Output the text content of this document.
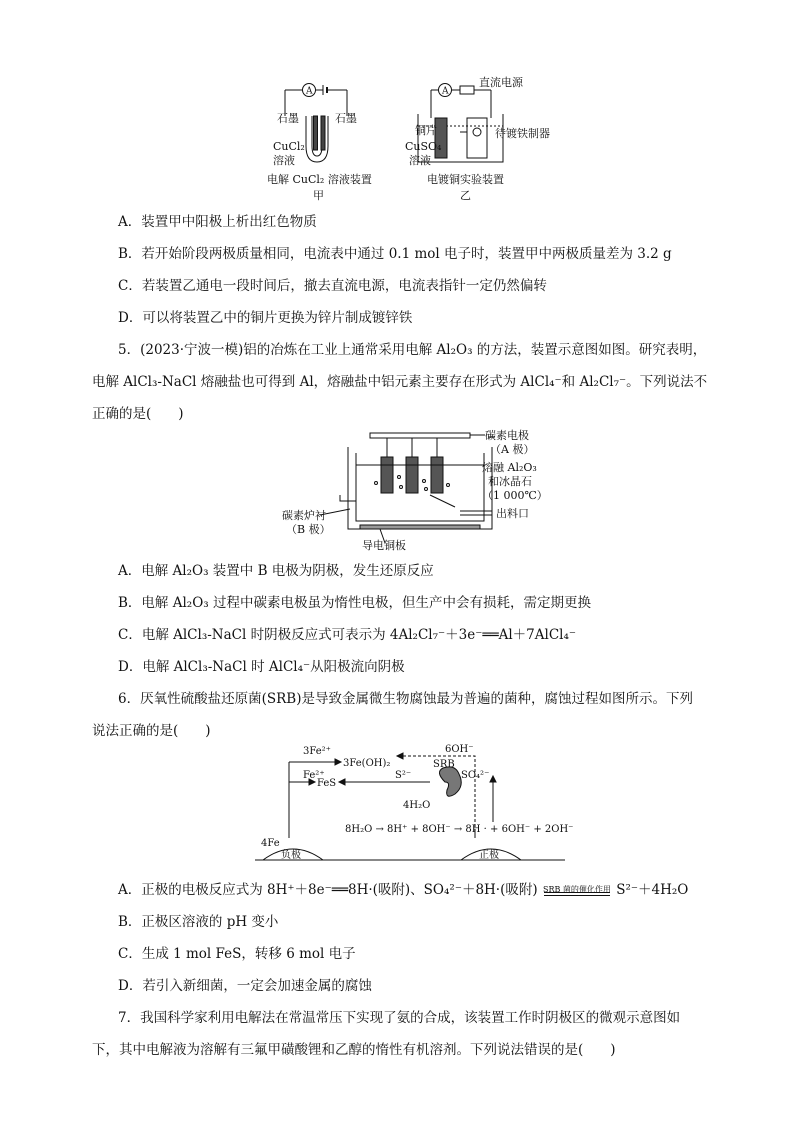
石墨	石墨
CuCl₂
溶液
A
电解 CuCl₂ 溶液装置
甲
A
直流电源
铜片	待镀铁制器
CuSO₄
溶液
电镀铜实验装置
乙
A．装置甲中阳极上析出红色物质
B．若开始阶段两极质量相同，电流表中通过 0.1 mol 电子时，装置甲中两极质量差为 3.2 g
C．若装置乙通电一段时间后，撤去直流电源，电流表指针一定仍然偏转
D．可以将装置乙中的铜片更换为锌片制成镀锌铁
5．(2023·宁波一模)铝的冶炼在工业上通常采用电解 Al₂O₃ 的方法，装置示意图如图。研究表明，
电解 AlCl₃-NaCl 熔融盐也可得到 Al，熔融盐中铝元素主要存在形式为 AlCl₄⁻和 Al₂Cl₇⁻。下列说法不
正确的是(　　)
碳素电极
（A 极）
熔融 Al₂O₃
和冰晶石
（1 000℃）
出料口
碳素炉衬
（B 极）
导电铜板
A．电解 Al₂O₃ 装置中 B 电极为阴极，发生还原反应
B．电解 Al₂O₃ 过程中碳素电极虽为惰性电极，但生产中会有损耗，需定期更换
C．电解 AlCl₃-NaCl 时阴极反应式可表示为 4Al₂Cl₇⁻＋3e⁻══Al＋7AlCl₄⁻
D．电解 AlCl₃-NaCl 时 AlCl₄⁻从阳极流向阴极
6．厌氧性硫酸盐还原菌(SRB)是导致金属微生物腐蚀最为普遍的菌种，腐蚀过程如图所示。下列
说法正确的是(　　)
3Fe²⁺
3Fe(OH)₂
6OH⁻
Fe²⁺
FeS
S²⁻
SRB
SO₄²⁻
4H₂O
8H₂O → 8H⁺ + 8OH⁻ → 8H · + 6OH⁻ + 2OH⁻
4Fe
负极	正极
A．正极的电极反应式为 8H⁺＋8e⁻══8H·(吸附)、SO₄²⁻＋8H·(吸附) SRB 菌的催化作用 S²⁻＋4H₂O
B．正极区溶液的 pH 变小
C．生成 1 mol FeS，转移 6 mol 电子
D．若引入新细菌，一定会加速金属的腐蚀
7．我国科学家利用电解法在常温常压下实现了氨的合成，该装置工作时阴极区的微观示意图如
下，其中电解液为溶解有三氟甲磺酸锂和乙醇的惰性有机溶剂。下列说法错误的是(　　)
